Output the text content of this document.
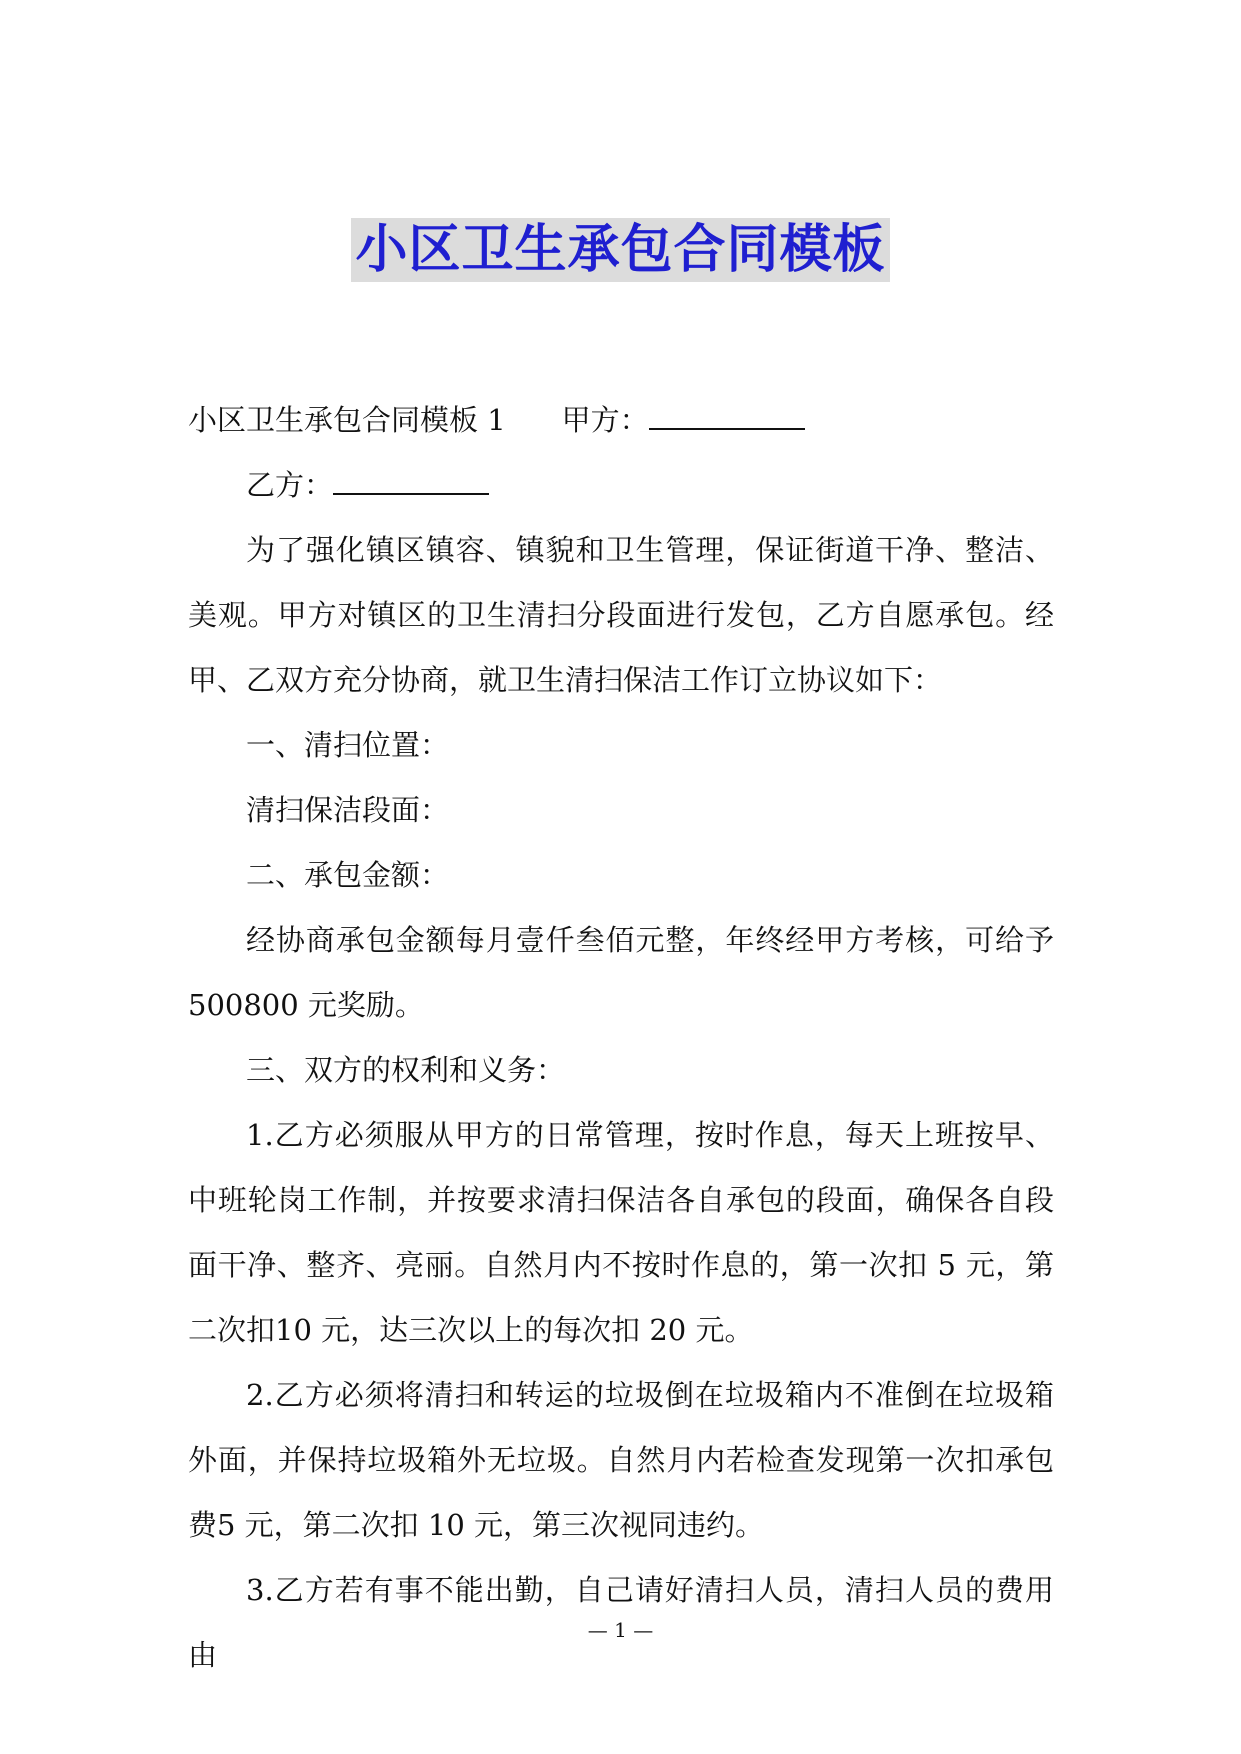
小区卫生承包合同模板

小区卫生承包合同模板 1 甲方：

乙方：

为了强化镇区镇容、镇貌和卫生管理，保证街道干净、整洁、美观。甲方对镇区的卫生清扫分段面进行发包，乙方自愿承包。经甲、乙双方充分协商，就卫生清扫保洁工作订立协议如下：

一、清扫位置：

清扫保洁段面：

二、承包金额：

经协商承包金额每月壹仟叁佰元整，年终经甲方考核，可给予500800 元奖励。

三、双方的权利和义务：

1.乙方必须服从甲方的日常管理，按时作息，每天上班按早、中班轮岗工作制，并按要求清扫保洁各自承包的段面，确保各自段面干净、整齐、亮丽。自然月内不按时作息的，第一次扣 5 元，第二次扣10 元，达三次以上的每次扣 20 元。

2.乙方必须将清扫和转运的垃圾倒在垃圾箱内不准倒在垃圾箱外面，并保持垃圾箱外无垃圾。自然月内若检查发现第一次扣承包费5 元，第二次扣 10 元，第三次视同违约。

3.乙方若有事不能出勤，自己请好清扫人员，清扫人员的费用由

— 1 —
